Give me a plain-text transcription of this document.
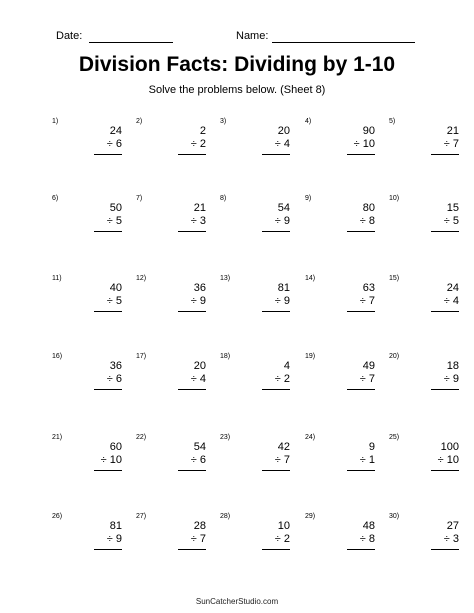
Date:	Name:
Division Facts: Dividing by 1-10
Solve the problems below. (Sheet 8)
1)
24
÷ 6
2)
2
÷ 2
3)
20
÷ 4
4)
90
÷ 10
5)
21
÷ 7
6)
50
÷ 5
7)
21
÷ 3
8)
54
÷ 9
9)
80
÷ 8
10)
15
÷ 5
11)
40
÷ 5
12)
36
÷ 9
13)
81
÷ 9
14)
63
÷ 7
15)
24
÷ 4
16)
36
÷ 6
17)
20
÷ 4
18)
4
÷ 2
19)
49
÷ 7
20)
18
÷ 9
21)
60
÷ 10
22)
54
÷ 6
23)
42
÷ 7
24)
9
÷ 1
25)
100
÷ 10
26)
81
÷ 9
27)
28
÷ 7
28)
10
÷ 2
29)
48
÷ 8
30)
27
÷ 3
SunCatcherStudio.com
